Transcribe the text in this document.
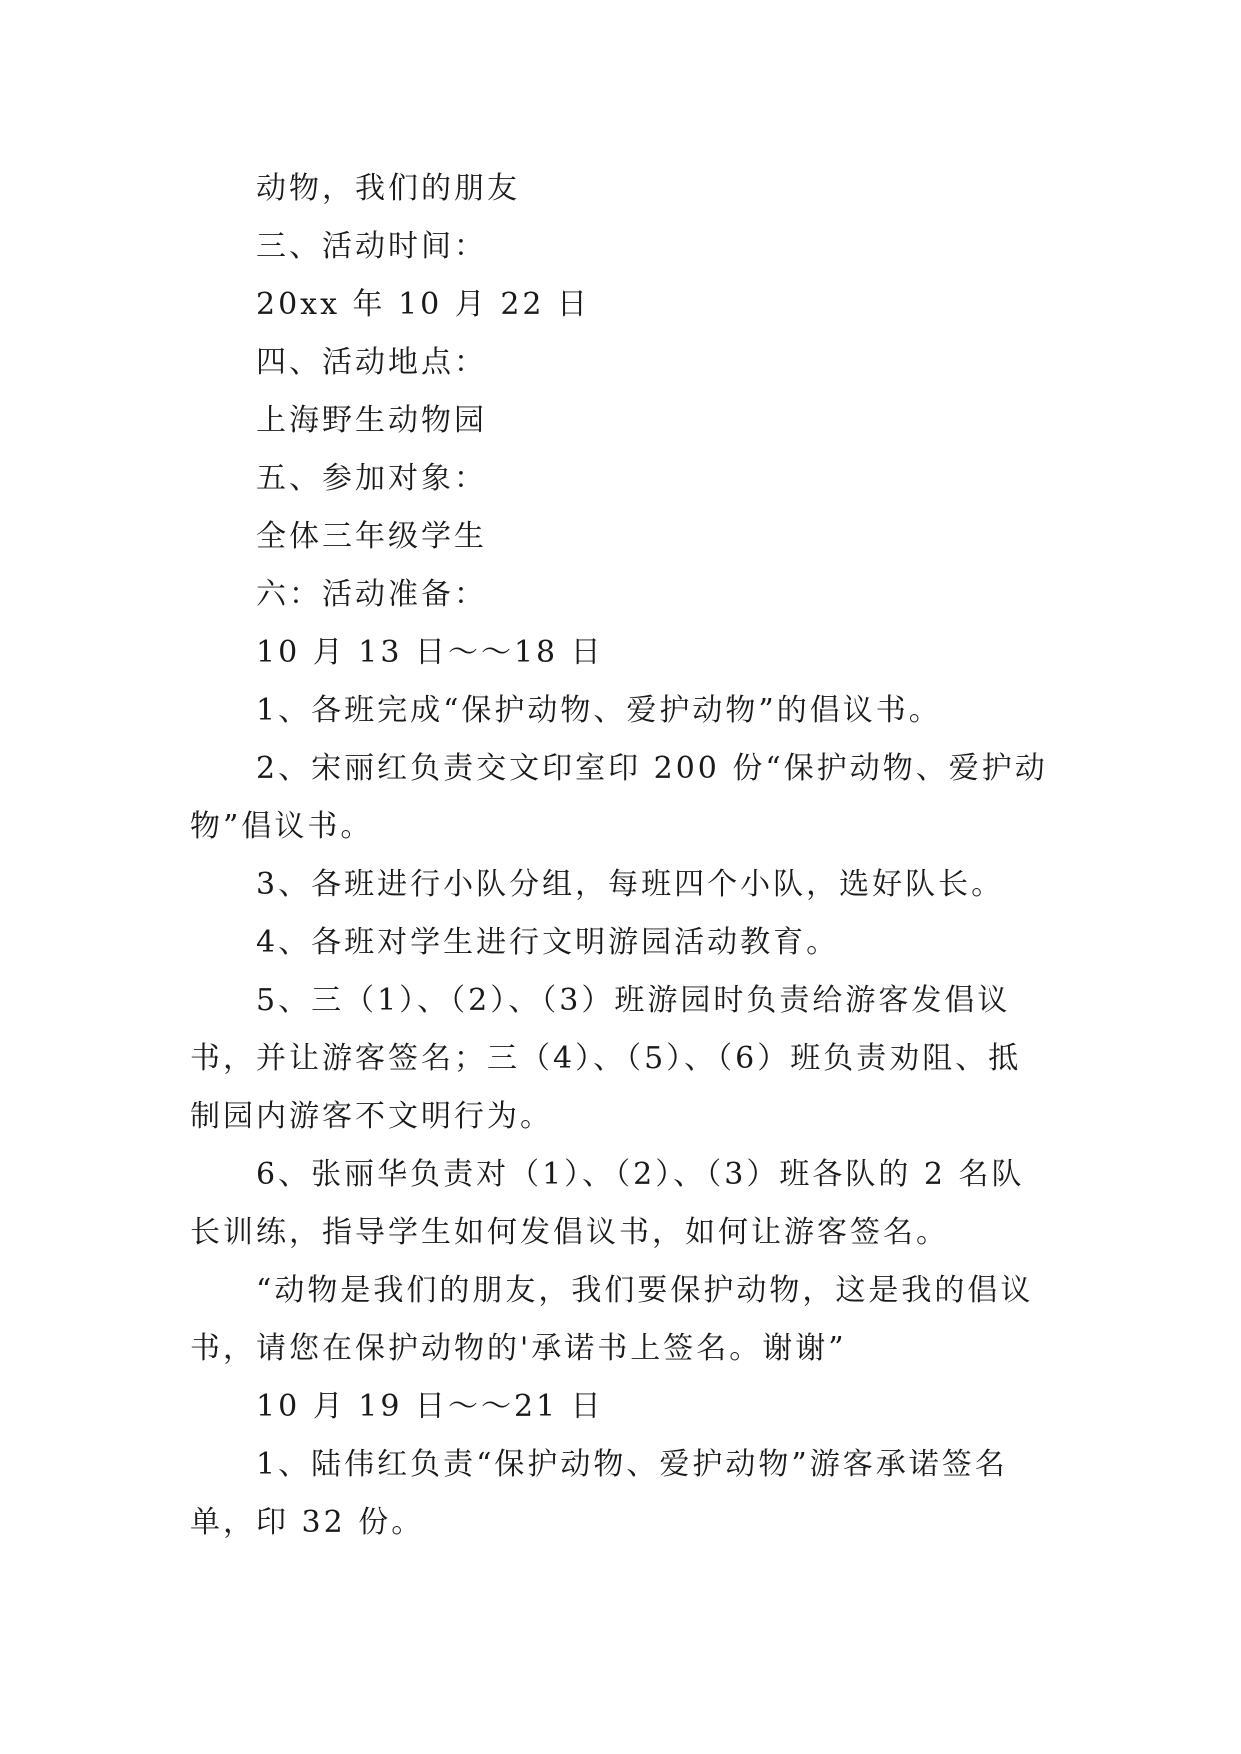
动物，我们的朋友

三、活动时间：

20xx 年 10 月 22 日

四、活动地点：

上海野生动物园

五、参加对象：

全体三年级学生

六：活动准备：

10 月 13 日～～18 日

1、各班完成“保护动物、爱护动物”的倡议书。

2、宋丽红负责交文印室印 200 份“保护动物、爱护动物”倡议书。

3、各班进行小队分组，每班四个小队，选好队长。

4、各班对学生进行文明游园活动教育。

5、三（1）、（2）、（3）班游园时负责给游客发倡议书，并让游客签名；三（4）、（5）、（6）班负责劝阻、抵制园内游客不文明行为。

6、张丽华负责对（1）、（2）、（3）班各队的 2 名队长训练，指导学生如何发倡议书，如何让游客签名。

“动物是我们的朋友，我们要保护动物，这是我的倡议书，请您在保护动物的'承诺书上签名。谢谢”

10 月 19 日～～21 日

1、陆伟红负责“保护动物、爱护动物”游客承诺签名单，印 32 份。
